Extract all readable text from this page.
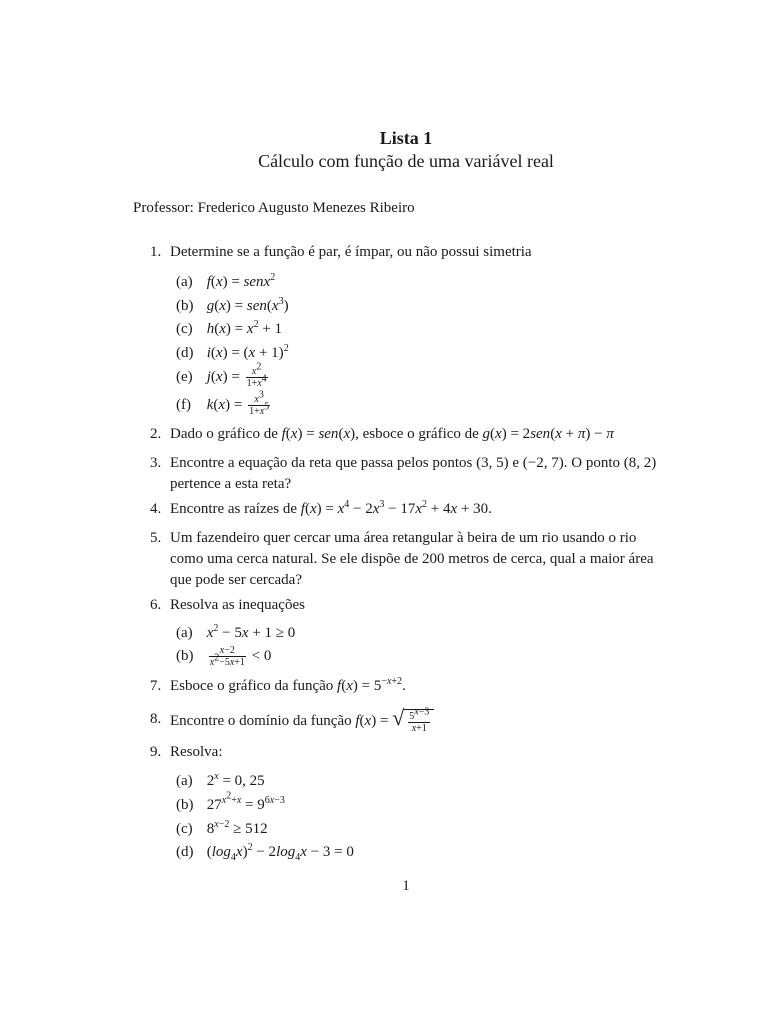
Lista 1
Cálculo com função de uma variável real
Professor: Frederico Augusto Menezes Ribeiro
1. Determine se a função é par, é ímpar, ou não possui simetria
(a) f(x) = senx$^2$
(b) $g(x) = sen(x^3)$
(c) $h(x) = x^2 + 1$
(d) $i(x) = (x + 1)^2$
(e) $j(x) = \frac{x^2}{1+x^4}$
(f) $k(x) = \frac{x^3}{1+x^5}$
2. Dado o gráfico de f(x) = sen(x), esboce o gráfico de g(x) = 2sen(x + π) − π
3. Encontre a equação da reta que passa pelos pontos (3, 5) e (−2, 7). O ponto (8, 2) pertence a esta reta?
4. Encontre as raízes de $f(x) = x^4 - 2x^3 - 17x^2 + 4x + 30$.
5. Um fazendeiro quer cercar uma área retangular à beira de um rio usando o rio como uma cerca natural. Se ele dispõe de 200 metros de cerca, qual a maior área que pode ser cercada?
6. Resolva as inequações
(a) $x^2 - 5x + 1 \ge 0$
$(b) \frac{x-2}{x^2-5x+1} < 0$
7. Esboce o gráfico da função $f(x) = 5^{-x+2}$.
8. Encontre o domínio da função f(x) = √ $\frac{5^{x-3}}{x+1}$
9. Resolva:
(a) $2^x = 0$, 25
(b) $27^{x^2+x} = 9^{6x-3}$
(c) $8^{x-2} \ge 512$
(d) $(\log_4x)^2 - 2\log_4x - 3 = 0$
1
